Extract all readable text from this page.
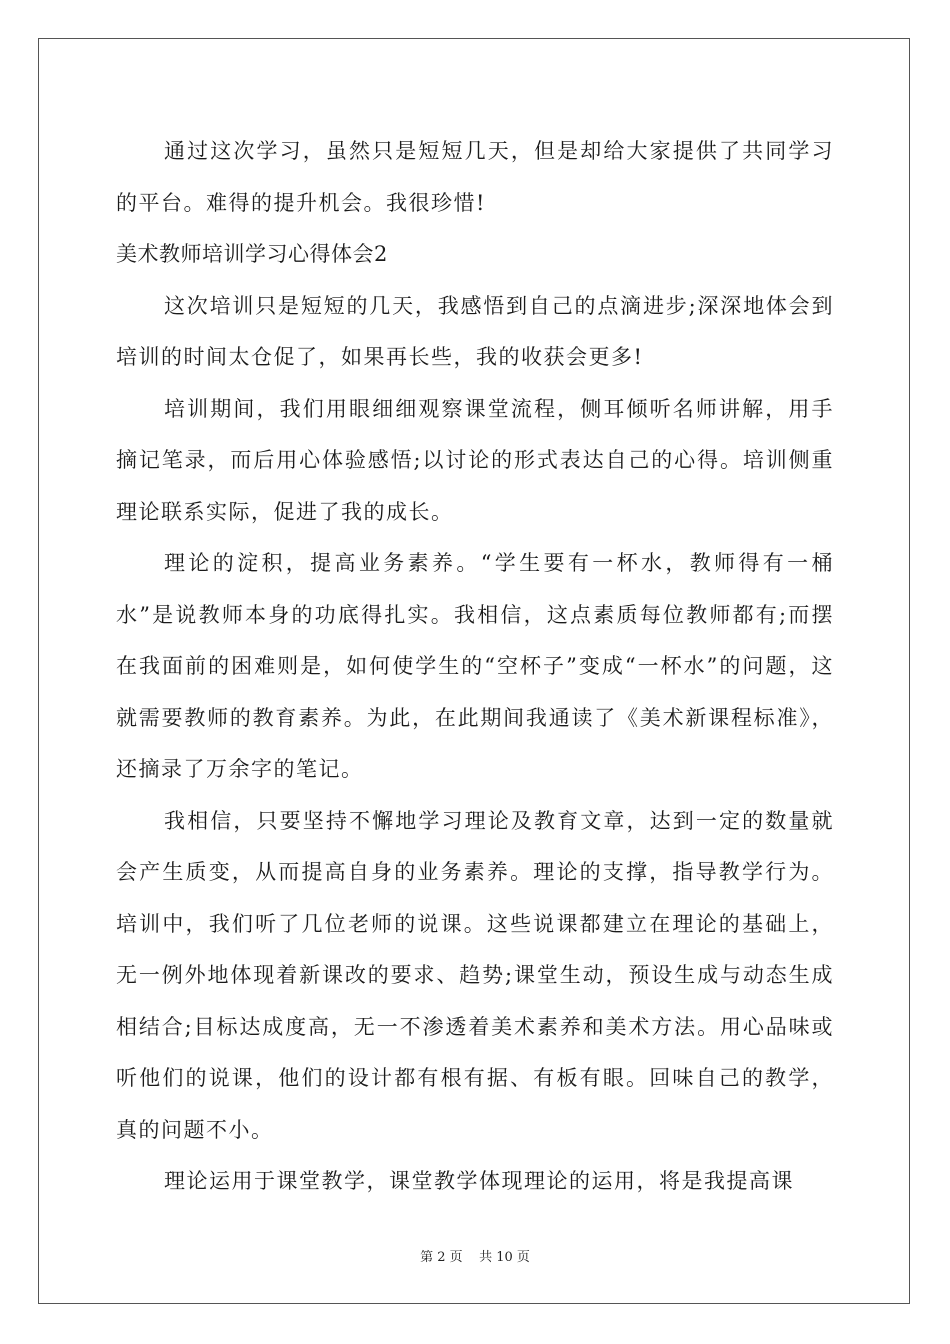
通过这次学习，虽然只是短短几天，但是却给大家提供了共同学习的平台。难得的提升机会。我很珍惜!

美术教师培训学习心得体会2

这次培训只是短短的几天，我感悟到自己的点滴进步;深深地体会到培训的时间太仓促了，如果再长些，我的收获会更多!

培训期间，我们用眼细细观察课堂流程，侧耳倾听名师讲解，用手摘记笔录，而后用心体验感悟;以讨论的形式表达自己的心得。培训侧重理论联系实际，促进了我的成长。

理论的淀积，提高业务素养。“学生要有一杯水，教师得有一桶水”是说教师本身的功底得扎实。我相信，这点素质每位教师都有;而摆在我面前的困难则是，如何使学生的“空杯子”变成“一杯水”的问题，这就需要教师的教育素养。为此，在此期间我通读了《美术新课程标准》，还摘录了万余字的笔记。

我相信，只要坚持不懈地学习理论及教育文章，达到一定的数量就会产生质变，从而提高自身的业务素养。理论的支撑，指导教学行为。培训中，我们听了几位老师的说课。这些说课都建立在理论的基础上，无一例外地体现着新课改的要求、趋势;课堂生动，预设生成与动态生成相结合;目标达成度高，无一不渗透着美术素养和美术方法。用心品味或听他们的说课，他们的设计都有根有据、有板有眼。回味自己的教学，真的问题不小。

理论运用于课堂教学，课堂教学体现理论的运用，将是我提高课

第 2 页    共 10 页
